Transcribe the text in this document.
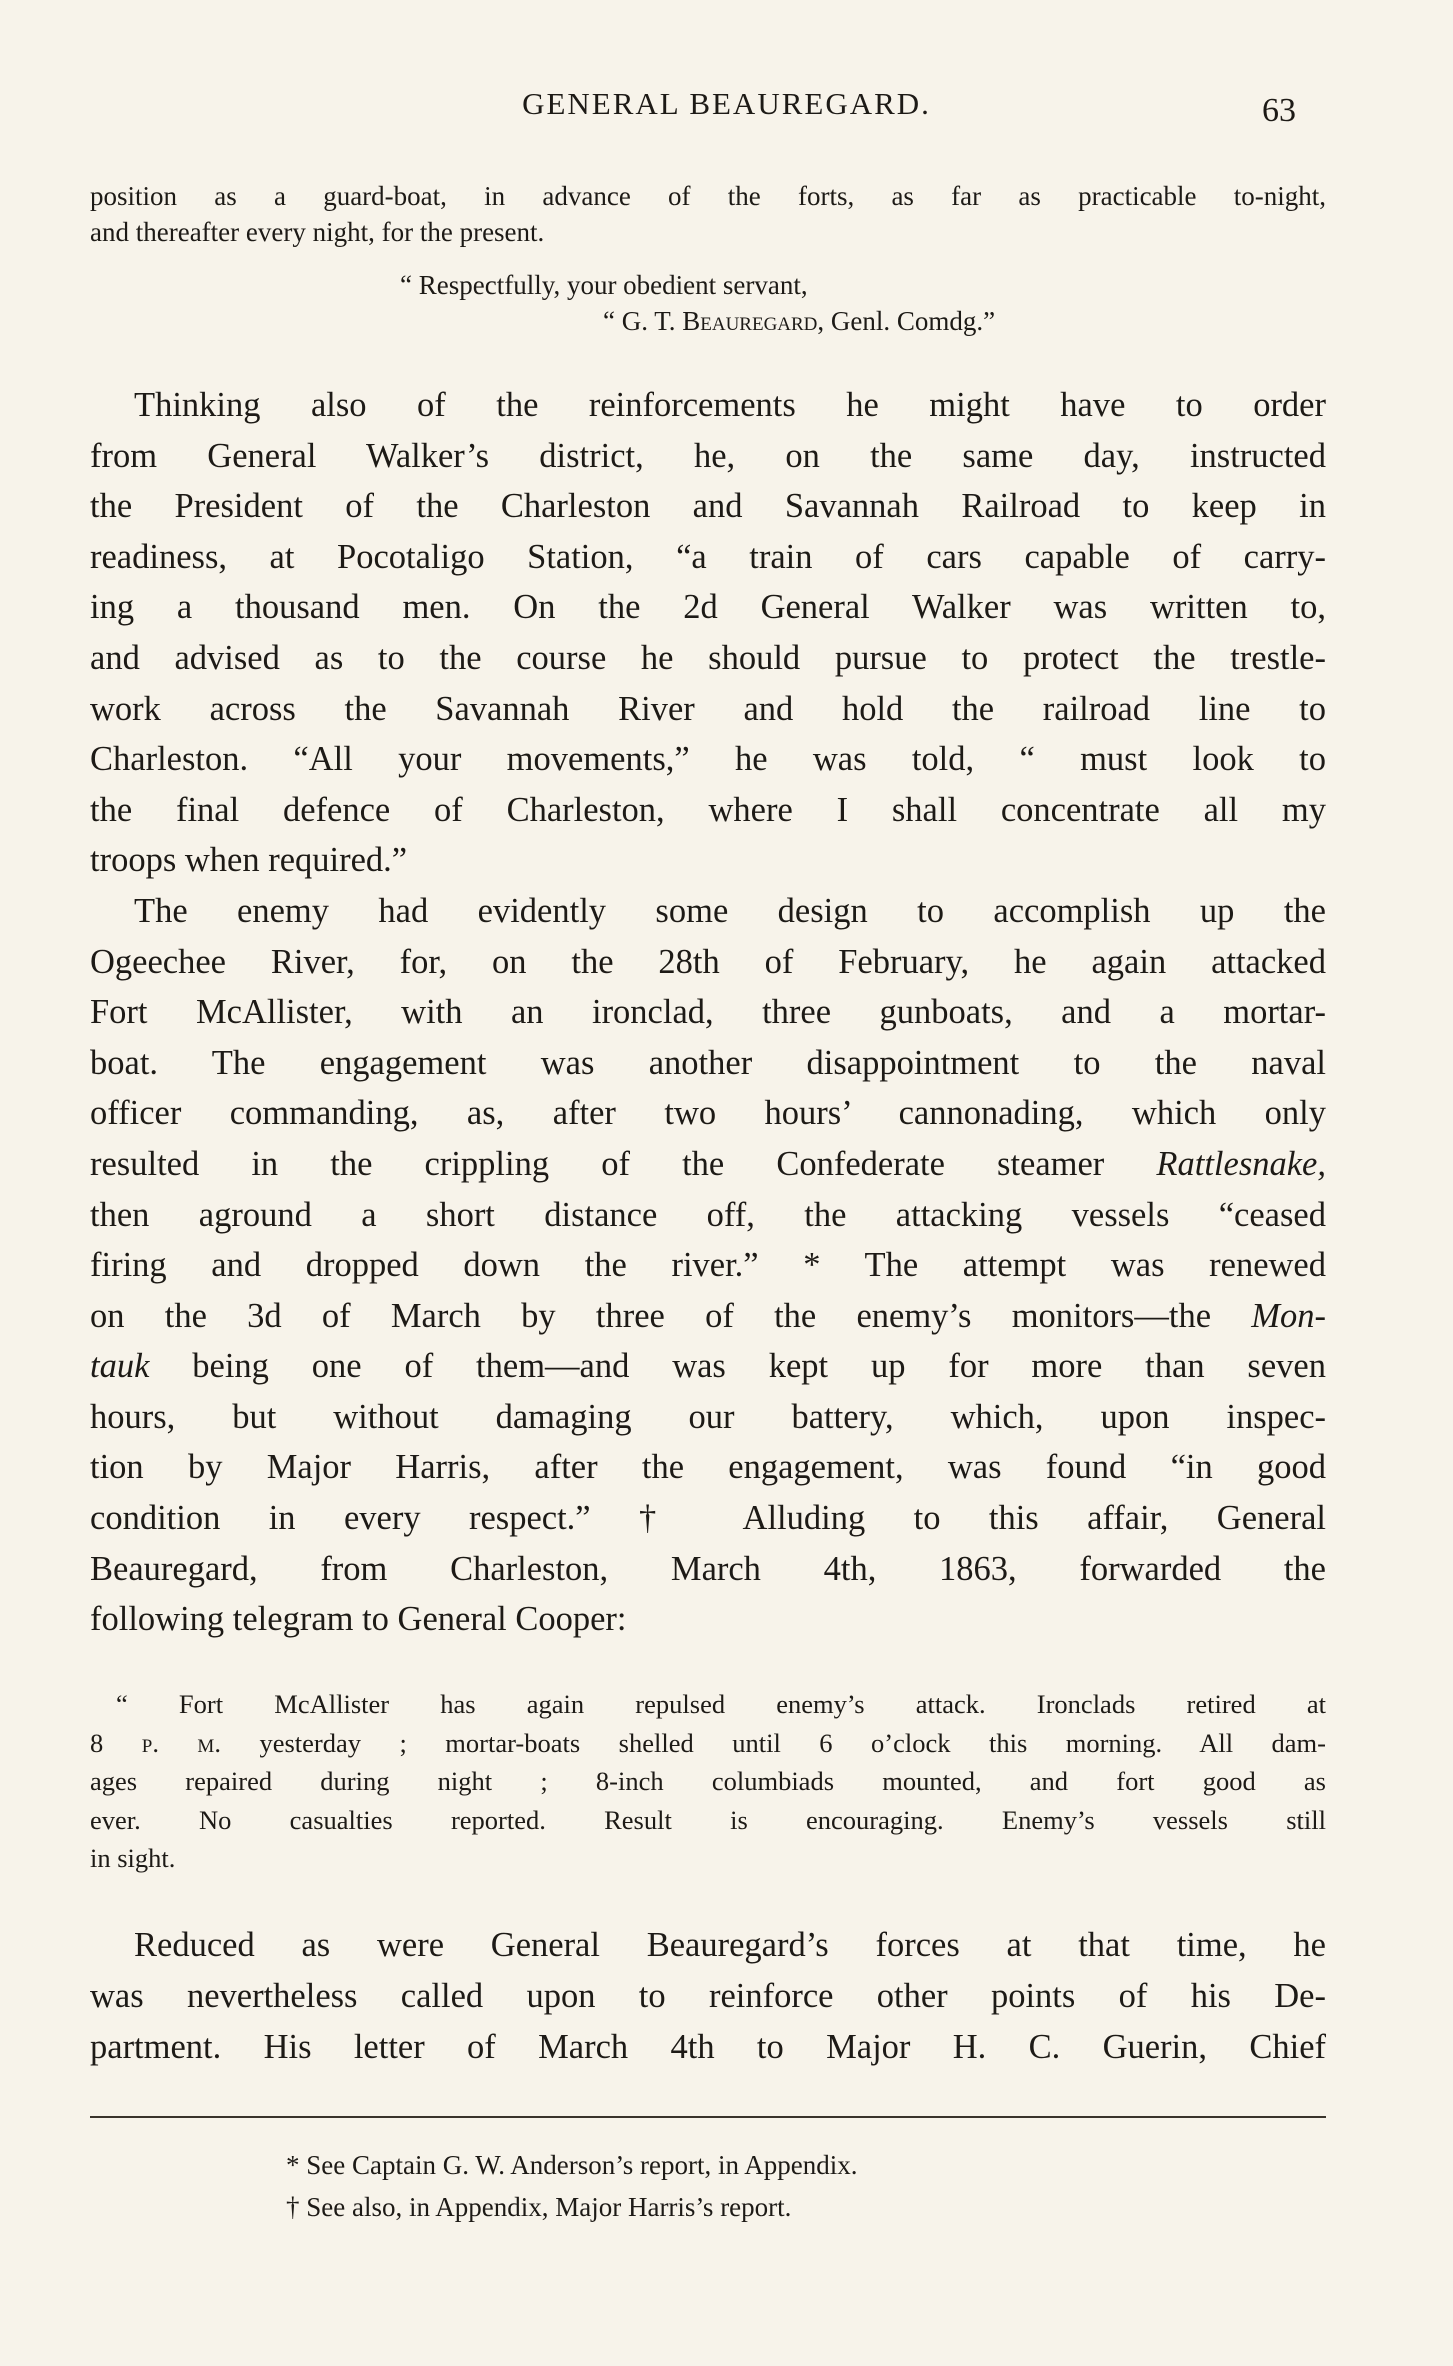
GENERAL BEAUREGARD.	63
position as a guard-boat, in advance of the forts, as far as practicable to-night,
and thereafter every night, for the present.
“ Respectfully, your obedient servant,
“ G. T. Beauregard, Genl. Comdg.”
Thinking also of the reinforcements he might have to order
from General Walker’s district, he, on the same day, instructed
the President of the Charleston and Savannah Railroad to keep in
readiness, at Pocotaligo Station, “a train of cars capable of carry-
ing a thousand men. On the 2d General Walker was written to,
and advised as to the course he should pursue to protect the trestle-
work across the Savannah River and hold the railroad line to
Charleston. “All your movements,” he was told, “ must look to
the final defence of Charleston, where I shall concentrate all my
troops when required.”
The enemy had evidently some design to accomplish up the
Ogeechee River, for, on the 28th of February, he again attacked
Fort McAllister, with an ironclad, three gunboats, and a mortar-
boat. The engagement was another disappointment to the naval
officer commanding, as, after two hours’ cannonading, which only
resulted in the crippling of the Confederate steamer Rattlesnake,
then aground a short distance off, the attacking vessels “ceased
firing and dropped down the river.” * The attempt was renewed
on the 3d of March by three of the enemy’s monitors—the Mon-
tauk being one of them—and was kept up for more than seven
hours, but without damaging our battery, which, upon inspec-
tion by Major Harris, after the engagement, was found “in good
condition in every respect.” † Alluding to this affair, General
Beauregard, from Charleston, March 4th, 1863, forwarded the
following telegram to General Cooper:
“ Fort McAllister has again repulsed enemy’s attack. Ironclads retired at
8 p. m. yesterday ; mortar-boats shelled until 6 o’clock this morning. All dam-
ages repaired during night ; 8-inch columbiads mounted, and fort good as
ever. No casualties reported. Result is encouraging. Enemy’s vessels still
in sight.
Reduced as were General Beauregard’s forces at that time, he
was nevertheless called upon to reinforce other points of his De-
partment. His letter of March 4th to Major H. C. Guerin, Chief
* See Captain G. W. Anderson’s report, in Appendix.
† See also, in Appendix, Major Harris’s report.
